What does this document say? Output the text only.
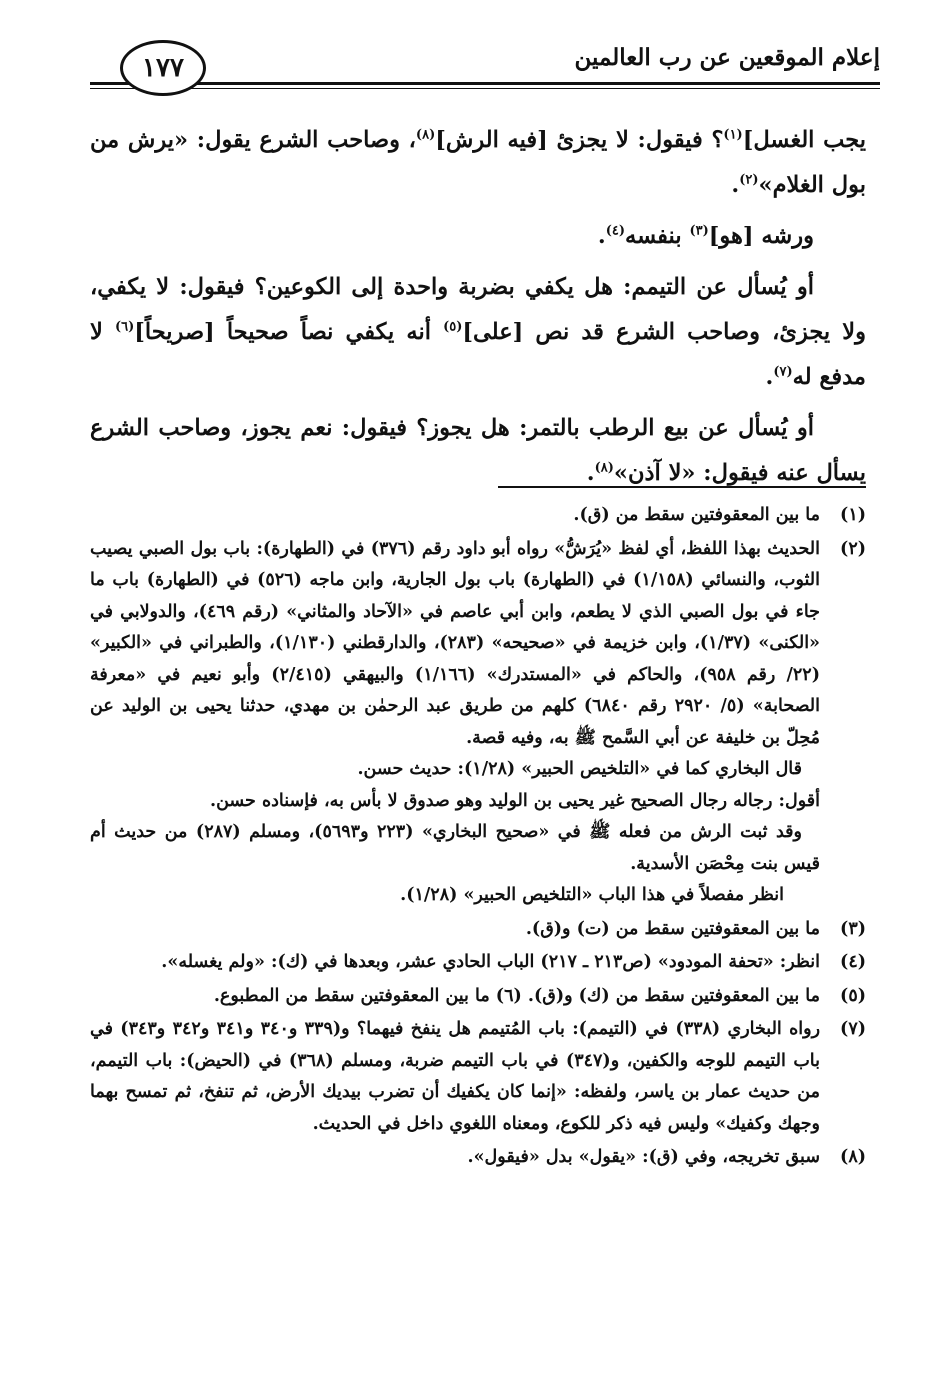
إعلام الموقعين عن رب العالمين
١٧٧

يجب الغسل]$^{(١)}$؟ فيقول: لا يجزئ [فيه الرش]$^{(٨)}$، وصاحب الشرع يقول: «يرش من بول الغلام»$^{(٢)}$.

ورشه [هو]$^{(٣)}$ بنفسه$^{(٤)}$.

أو يُسأل عن التيمم: هل يكفي بضربة واحدة إلى الكوعين؟ فيقول: لا يكفي، ولا يجزئ، وصاحب الشرع قد نص [على]$^{(٥)}$ أنه يكفي نصاً صحيحاً [صريحاً]$^{(٦)}$ لا مدفع له$^{(٧)}$.

أو يُسأل عن بيع الرطب بالتمر: هل يجوز؟ فيقول: نعم يجوز، وصاحب الشرع يسأل عنه فيقول: «لا آذن»$^{(٨)}$.

(١)

ما بين المعقوفتين سقط من (ق).

(٢)

الحديث بهذا اللفظ، أي لفظ «يُرَشُّ» رواه أبو داود رقم (٣٧٦) في (الطهارة): باب بول الصبي يصيب الثوب، والنسائي (١/١٥٨) في (الطهارة) باب بول الجارية، وابن ماجه (٥٢٦) في (الطهارة) باب ما جاء في بول الصبي الذي لا يطعم، وابن أبي عاصم في «الآحاد والمثاني» (رقم ٤٦٩)، والدولابي في «الكنى» (١/٣٧)، وابن خزيمة في «صحيحه» (٢٨٣)، والدارقطني (١/١٣٠)، والطبراني في «الكبير» (٢٢/ رقم ٩٥٨)، والحاكم في «المستدرك» (١/١٦٦) والبيهقي (٢/٤١٥) وأبو نعيم في «معرفة الصحابة» (٥/ ٢٩٢٠ رقم ٦٨٤٠) كلهم من طريق عبد الرحمٰن بن مهدي، حدثنا يحيى بن الوليد عن مُحِلّ بن خليفة عن أبي السَّمح ﷺ به، وفيه قصة.

قال البخاري كما في «التلخيص الحبير» (١/٢٨): حديث حسن.

أقول: رجاله رجال الصحيح غير يحيى بن الوليد وهو صدوق لا بأس به، فإسناده حسن.

وقد ثبت الرش من فعله ﷺ في «صحيح البخاري» (٢٢٣ و٥٦٩٣)، ومسلم (٢٨٧) من حديث أم قيس بنت مِحْصَن الأسدية.

انظر مفصلاً في هذا الباب «التلخيص الحبير» (١/٢٨).

(٣)

ما بين المعقوفتين سقط من (ت) و(ق).

(٤)

انظر: «تحفة المودود» (ص٢١٣ ـ ٢١٧) الباب الحادي عشر، وبعدها في (ك): «ولم يغسله».

(٥)

ما بين المعقوفتين سقط من (ك) و(ق). (٦) ما بين المعقوفتين سقط من المطبوع.

(٧)

رواه البخاري (٣٣٨) في (التيمم): باب المُتيمم هل ينفخ فيهما؟ و(٣٣٩ و٣٤٠ و٣٤١ و٣٤٢ و٣٤٣) في باب التيمم للوجه والكفين، و(٣٤٧) في باب التيمم ضربة، ومسلم (٣٦٨) في (الحيض): باب التيمم، من حديث عمار بن ياسر، ولفظه: «إنما كان يكفيك أن تضرب بيديك الأرض، ثم تنفخ، ثم تمسح بهما وجهك وكفيك» وليس فيه ذكر للكوع، ومعناه اللغوي داخل في الحديث.

(٨)

سبق تخريجه، وفي (ق): «يقول» بدل «فيقول».
